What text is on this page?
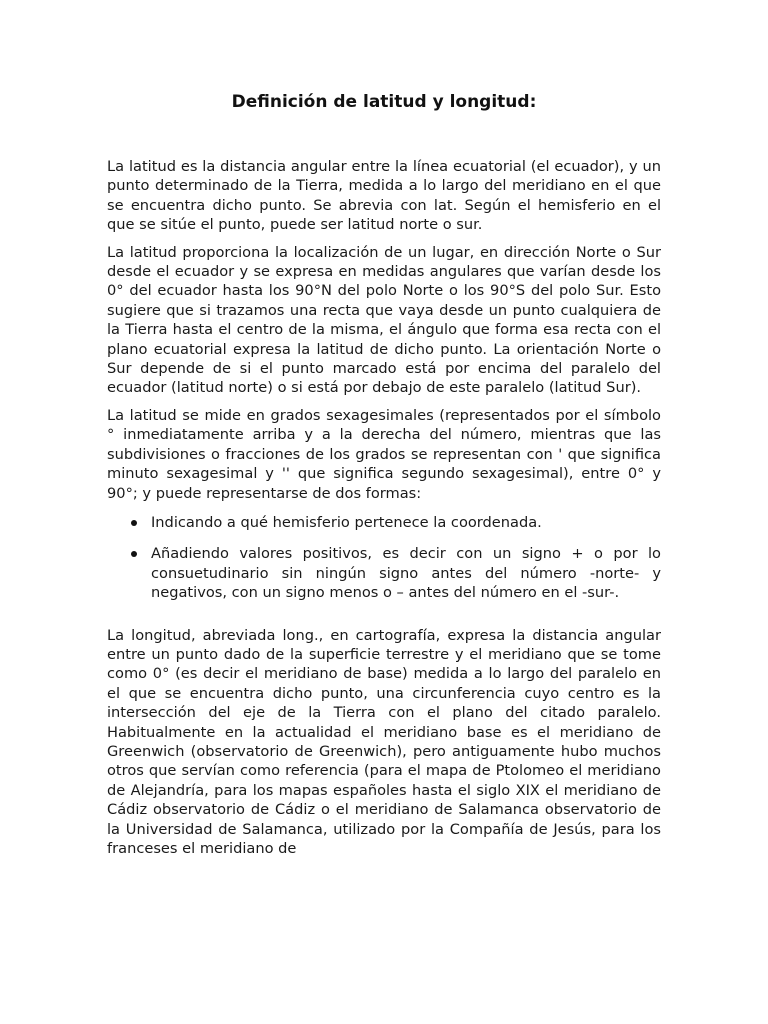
Definición de latitud y longitud:

La latitud es la distancia angular entre la línea ecuatorial (el ecuador), y un punto determinado de la Tierra, medida a lo largo del meridiano en el que se encuentra dicho punto. Se abrevia con lat. Según el hemisferio en el que se sitúe el punto, puede ser latitud norte o sur.

La latitud proporciona la localización de un lugar, en dirección Norte o Sur desde el ecuador y se expresa en medidas angulares que varían desde los 0° del ecuador hasta los 90°N del polo Norte o los 90°S del polo Sur. Esto sugiere que si trazamos una recta que vaya desde un punto cualquiera de la Tierra hasta el centro de la misma, el ángulo que forma esa recta con el plano ecuatorial expresa la latitud de dicho punto. La orientación Norte o Sur depende de si el punto marcado está por encima del paralelo del ecuador (latitud norte) o si está por debajo de este paralelo (latitud Sur).

La latitud se mide en grados sexagesimales (representados por el símbolo ° inmediatamente arriba y a la derecha del número, mientras que las subdivisiones o fracciones de los grados se representan con ' que significa minuto sexagesimal y '' que significa segundo sexagesimal), entre 0° y 90°; y puede representarse de dos formas:

Indicando a qué hemisferio pertenece la coordenada.
Añadiendo valores positivos, es decir con un signo + o por lo consuetudinario sin ningún signo antes del número -norte- y negativos, con un signo menos o – antes del número en el -sur-.

La longitud, abreviada long., en cartografía, expresa la distancia angular entre un punto dado de la superficie terrestre y el meridiano que se tome como 0° (es decir el meridiano de base) medida a lo largo del paralelo en el que se encuentra dicho punto, una circunferencia cuyo centro es la intersección del eje de la Tierra con el plano del citado paralelo. Habitualmente en la actualidad el meridiano base es el meridiano de Greenwich (observatorio de Greenwich), pero antiguamente hubo muchos otros que servían como referencia (para el mapa de Ptolomeo el meridiano de Alejandría, para los mapas españoles hasta el siglo XIX el meridiano de Cádiz observatorio de Cádiz o el meridiano de Salamanca observatorio de la Universidad de Salamanca, utilizado por la Compañía de Jesús, para los franceses el meridiano de
